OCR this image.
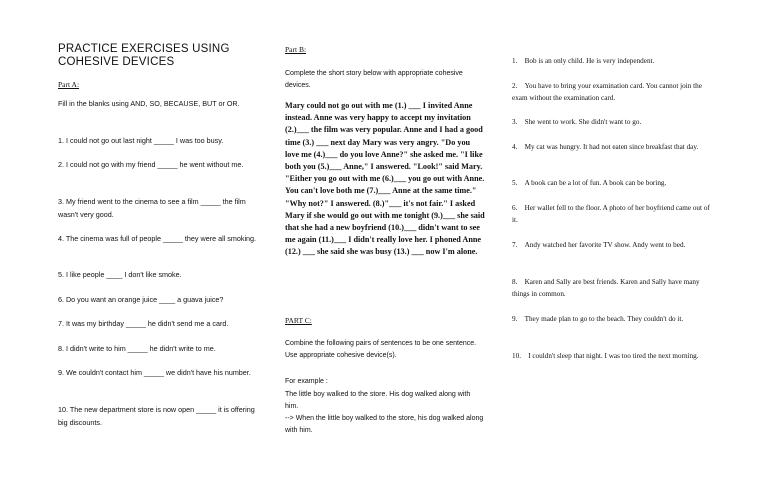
PRACTICE EXERCISES USING
COHESIVE DEVICES
Part A:
Fill in the blanks using AND, SO, BECAUSE, BUT or OR.
1. I could not go out last night _____ I was too busy.
2. I could not go with my friend _____ he went without me.
3. My friend went to the cinema to see a film _____ the film wasn't very good.
4. The cinema was full of people _____ they were all smoking.
5. I like people ____ I don't like smoke.
6. Do you want an orange juice ____ a guava juice?
7. It was my birthday _____ he didn't send me a card.
8. I didn't write to him _____ he didn't write to me.
9. We couldn't contact him _____ we didn't have his number.
10. The new department store is now open _____ it is offering big discounts.
Part B:
Complete the short story below with appropriate cohesive devices.
Mary could not go out with me (1.) ___ I invited Anne instead. Anne was very happy to accept my invitation (2.)___ the film was very popular. Anne and I had a good time (3.) ___ next day Mary was very angry. "Do you love me (4.)___ do you love Anne?" she asked me. "I like both you (5.)___ Anne," I answered. "Look!" said Mary. "Either you go out with me (6.)___ you go out with Anne. You can't love both me (7.)___ Anne at the same time." "Why not?" I answered. (8.)"___ it's not fair." I asked Mary if she would go out with me tonight (9.)___ she said that she had a new boyfriend (10.)___ didn't want to see me again (11.)___ I didn't really love her. I phoned Anne (12.) ___ she said she was busy (13.) ___ now I'm alone.
PART C:
Combine the following pairs of sentences to be one sentence. Use appropriate cohesive device(s).
For example :
The little boy walked to the store. His dog walked along with him.
--> When the little boy walked to the store, his dog walked along with him.
1. Bob is an only child. He is very independent.
2. You have to bring your examination card. You cannot join the exam without the examination card.
3. She went to work. She didn't want to go.
4. My cat was hungry. It had not eaten since breakfast that day.
5. A book can be a lot of fun. A book can be boring.
6. Her wallet fell to the floor. A photo of her boyfriend came out of it.
7. Andy watched her favorite TV show. Andy went to bed.
8. Karen and Sally are best friends. Karen and Sally have many things in common.
9. They made plan to go to the beach. They couldn't do it.
10. I couldn't sleep that night. I was too tired the next morning.
